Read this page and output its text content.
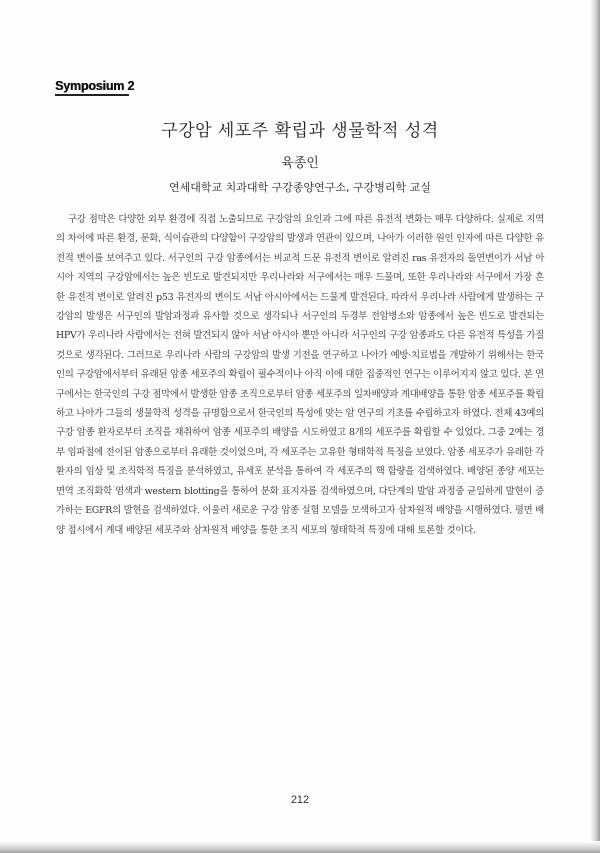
Symposium 2
구강암 세포주 확립과 생물학적 성격
육종인
연세대학교 치과대학 구강종양연구소, 구강병리학 교실

구강 점막은 다양한 외부 환경에 직접 노출되므로 구강암의 요인과 그에 따른 유전적 변화는 매우 다양하다. 실제로 지역의 차이에 따른 환경, 문화, 식이습관의 다양함이 구강암의 발생과 연관이 있으며, 나아가 이러한 원인 인자에 따른 다양한 유전적 변이를 보여주고 있다. 서구인의 구강 암종에서는 비교적 드문 유전적 변이로 알려진 ras 유전자의 돌연변이가 서남 아시아 지역의 구강암에서는 높은 빈도로 발견되지만 우리나라와 서구에서는 매우 드물며, 또한 우리나라와 서구에서 가장 흔한 유전적 변이로 알려진 p53 유전자의 변이도 서남 아시아에서는 드물게 발견된다. 따라서 우리나라 사람에게 발생하는 구강암의 발생은 서구인의 발암과정과 유사할 것으로 생각되나 서구인의 두경부 전암병소와 암종에서 높은 빈도로 발견되는 HPV가 우리나라 사람에서는 전혀 발견되지 않아 서남 아시아 뿐만 아니라 서구인의 구강 암종과도 다른 유전적 특성을 가질 것으로 생각된다. 그러므로 우리나라 사람의 구강암의 발생 기전을 연구하고 나아가 예방·치료법을 개발하기 위해서는 한국인의 구강암에서부터 유래된 암종 세포주의 확립이 필수적이나 아직 이에 대한 집중적인 연구는 이루어지지 않고 있다. 본 연구에서는 한국인의 구강 점막에서 발생한 암종 조직으로부터 암종 세포주의 일차배양과 계대배양을 통한 암종 세포주를 확립하고 나아가 그들의 생물학적 성격을 규명함으로서 한국인의 특성에 맞는 암 연구의 기초를 수립하고자 하였다. 전체 43예의 구강 암종 환자로부터 조직을 채취하여 암종 세포주의 배양을 시도하였고 8개의 세포주를 확립할 수 있었다. 그중 2예는 경부 임파절에 전이된 암종으로부터 유래한 것이었으며, 각 세포주는 고유한 형태학적 특징을 보였다. 암종 세포주가 유래한 각 환자의 임상 및 조직학적 특징을 분석하였고, 유세포 분석을 통하여 각 세포주의 핵 함량을 검색하였다. 배양된 종양 세포는 면역 조직화학 염색과 western blotting을 통하여 분화 표지자를 검색하였으며, 다단계의 발암 과정중 균일하게 발현이 증가하는 EGFR의 발현을 검색하였다. 이울러 새로운 구강 암종 실험 모델을 모색하고자 삼차원적 배양을 시행하였다. 평면 배양 접시에서 계대 배양된 세포주와 삼차원적 배양을 통한 조직 세포의 형태학적 특징에 대해 토론할 것이다.

212
